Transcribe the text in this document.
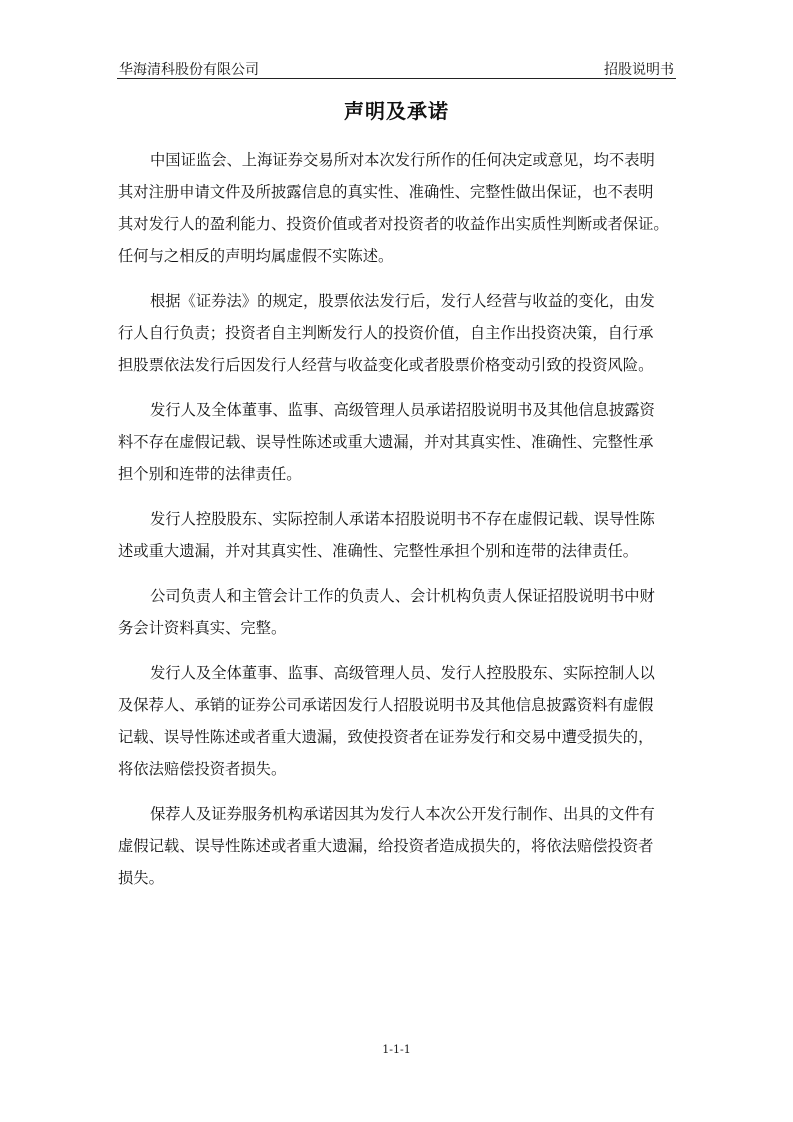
华海清科股份有限公司	招股说明书
声明及承诺

中国证监会、上海证券交易所对本次发行所作的任何决定或意见，均不表明
其对注册申请文件及所披露信息的真实性、准确性、完整性做出保证，也不表明
其对发行人的盈利能力、投资价值或者对投资者的收益作出实质性判断或者保证。
任何与之相反的声明均属虚假不实陈述。

根据《证券法》的规定，股票依法发行后，发行人经营与收益的变化，由发
行人自行负责；投资者自主判断发行人的投资价值，自主作出投资决策，自行承
担股票依法发行后因发行人经营与收益变化或者股票价格变动引致的投资风险。

发行人及全体董事、监事、高级管理人员承诺招股说明书及其他信息披露资
料不存在虚假记载、误导性陈述或重大遗漏，并对其真实性、准确性、完整性承
担个别和连带的法律责任。

发行人控股股东、实际控制人承诺本招股说明书不存在虚假记载、误导性陈
述或重大遗漏，并对其真实性、准确性、完整性承担个别和连带的法律责任。

公司负责人和主管会计工作的负责人、会计机构负责人保证招股说明书中财
务会计资料真实、完整。

发行人及全体董事、监事、高级管理人员、发行人控股股东、实际控制人以
及保荐人、承销的证券公司承诺因发行人招股说明书及其他信息披露资料有虚假
记载、误导性陈述或者重大遗漏，致使投资者在证券发行和交易中遭受损失的，
将依法赔偿投资者损失。

保荐人及证券服务机构承诺因其为发行人本次公开发行制作、出具的文件有
虚假记载、误导性陈述或者重大遗漏，给投资者造成损失的，将依法赔偿投资者
损失。

1-1-1
